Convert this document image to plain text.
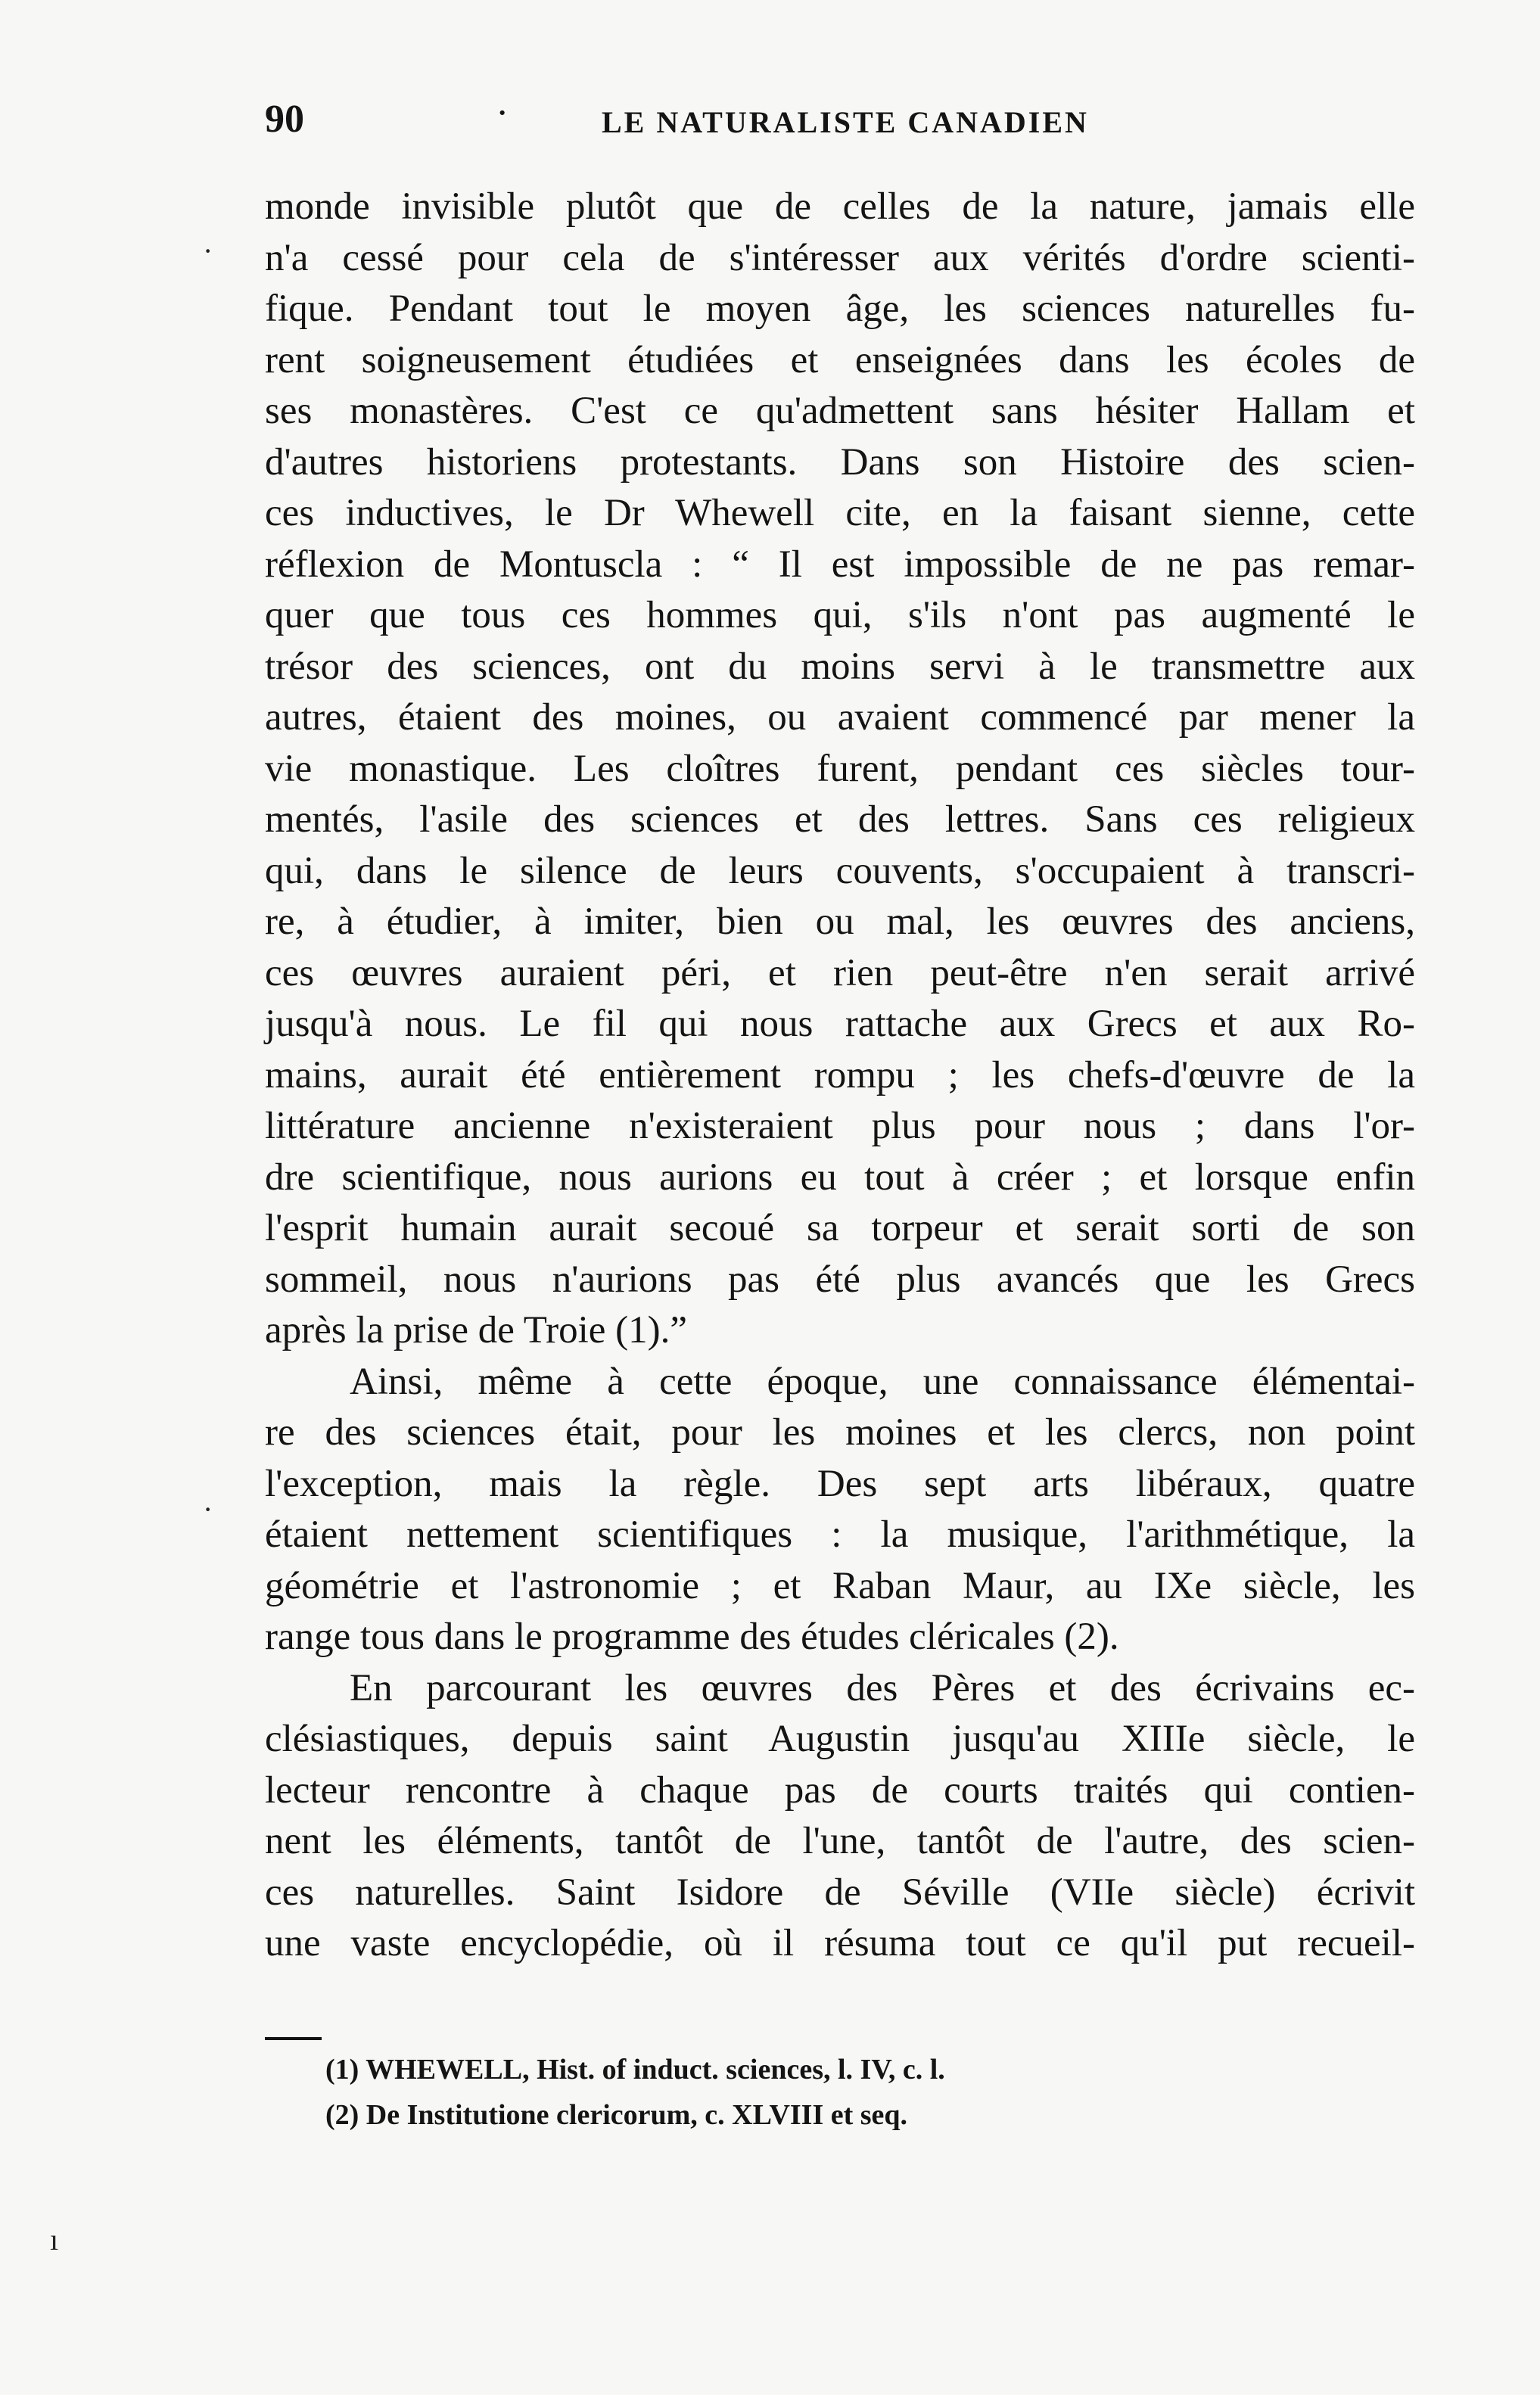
90	·	LE NATURALISTE CANADIEN
monde invisible plutôt que de celles de la nature, jamais elle
n'a cessé pour cela de s'intéresser aux vérités d'ordre scienti-
fique. Pendant tout le moyen âge, les sciences naturelles fu-
rent soigneusement étudiées et enseignées dans les écoles de
ses monastères. C'est ce qu'admettent sans hésiter Hallam et
d'autres historiens protestants. Dans son Histoire des scien-
ces inductives, le Dr Whewell cite, en la faisant sienne, cette
réflexion de Montuscla : “ Il est impossible de ne pas remar-
quer que tous ces hommes qui, s'ils n'ont pas augmenté le
trésor des sciences, ont du moins servi à le transmettre aux
autres, étaient des moines, ou avaient commencé par mener la
vie monastique. Les cloîtres furent, pendant ces siècles tour-
mentés, l'asile des sciences et des lettres. Sans ces religieux
qui, dans le silence de leurs couvents, s'occupaient à transcri-
re, à étudier, à imiter, bien ou mal, les œuvres des anciens,
ces œuvres auraient péri, et rien peut-être n'en serait arrivé
jusqu'à nous. Le fil qui nous rattache aux Grecs et aux Ro-
mains, aurait été entièrement rompu ; les chefs-d'œuvre de la
littérature ancienne n'existeraient plus pour nous ; dans l'or-
dre scientifique, nous aurions eu tout à créer ; et lorsque enfin
l'esprit humain aurait secoué sa torpeur et serait sorti de son
sommeil, nous n'aurions pas été plus avancés que les Grecs
après la prise de Troie (1).”
Ainsi, même à cette époque, une connaissance élémentai-
re des sciences était, pour les moines et les clercs, non point
l'exception, mais la règle. Des sept arts libéraux, quatre
étaient nettement scientifiques : la musique, l'arithmétique, la
géométrie et l'astronomie ; et Raban Maur, au IXe siècle, les
range tous dans le programme des études cléricales (2).
En parcourant les œuvres des Pères et des écrivains ec-
clésiastiques, depuis saint Augustin jusqu'au XIIIe siècle, le
lecteur rencontre à chaque pas de courts traités qui contien-
nent les éléments, tantôt de l'une, tantôt de l'autre, des scien-
ces naturelles. Saint Isidore de Séville (VIIe siècle) écrivit
une vaste encyclopédie, où il résuma tout ce qu'il put recueil-
(1) WHEWELL, Hist. of induct. sciences, l. IV, c. l.
(2) De Institutione clericorum, c. XLVIII et seq.
·
·
ı
